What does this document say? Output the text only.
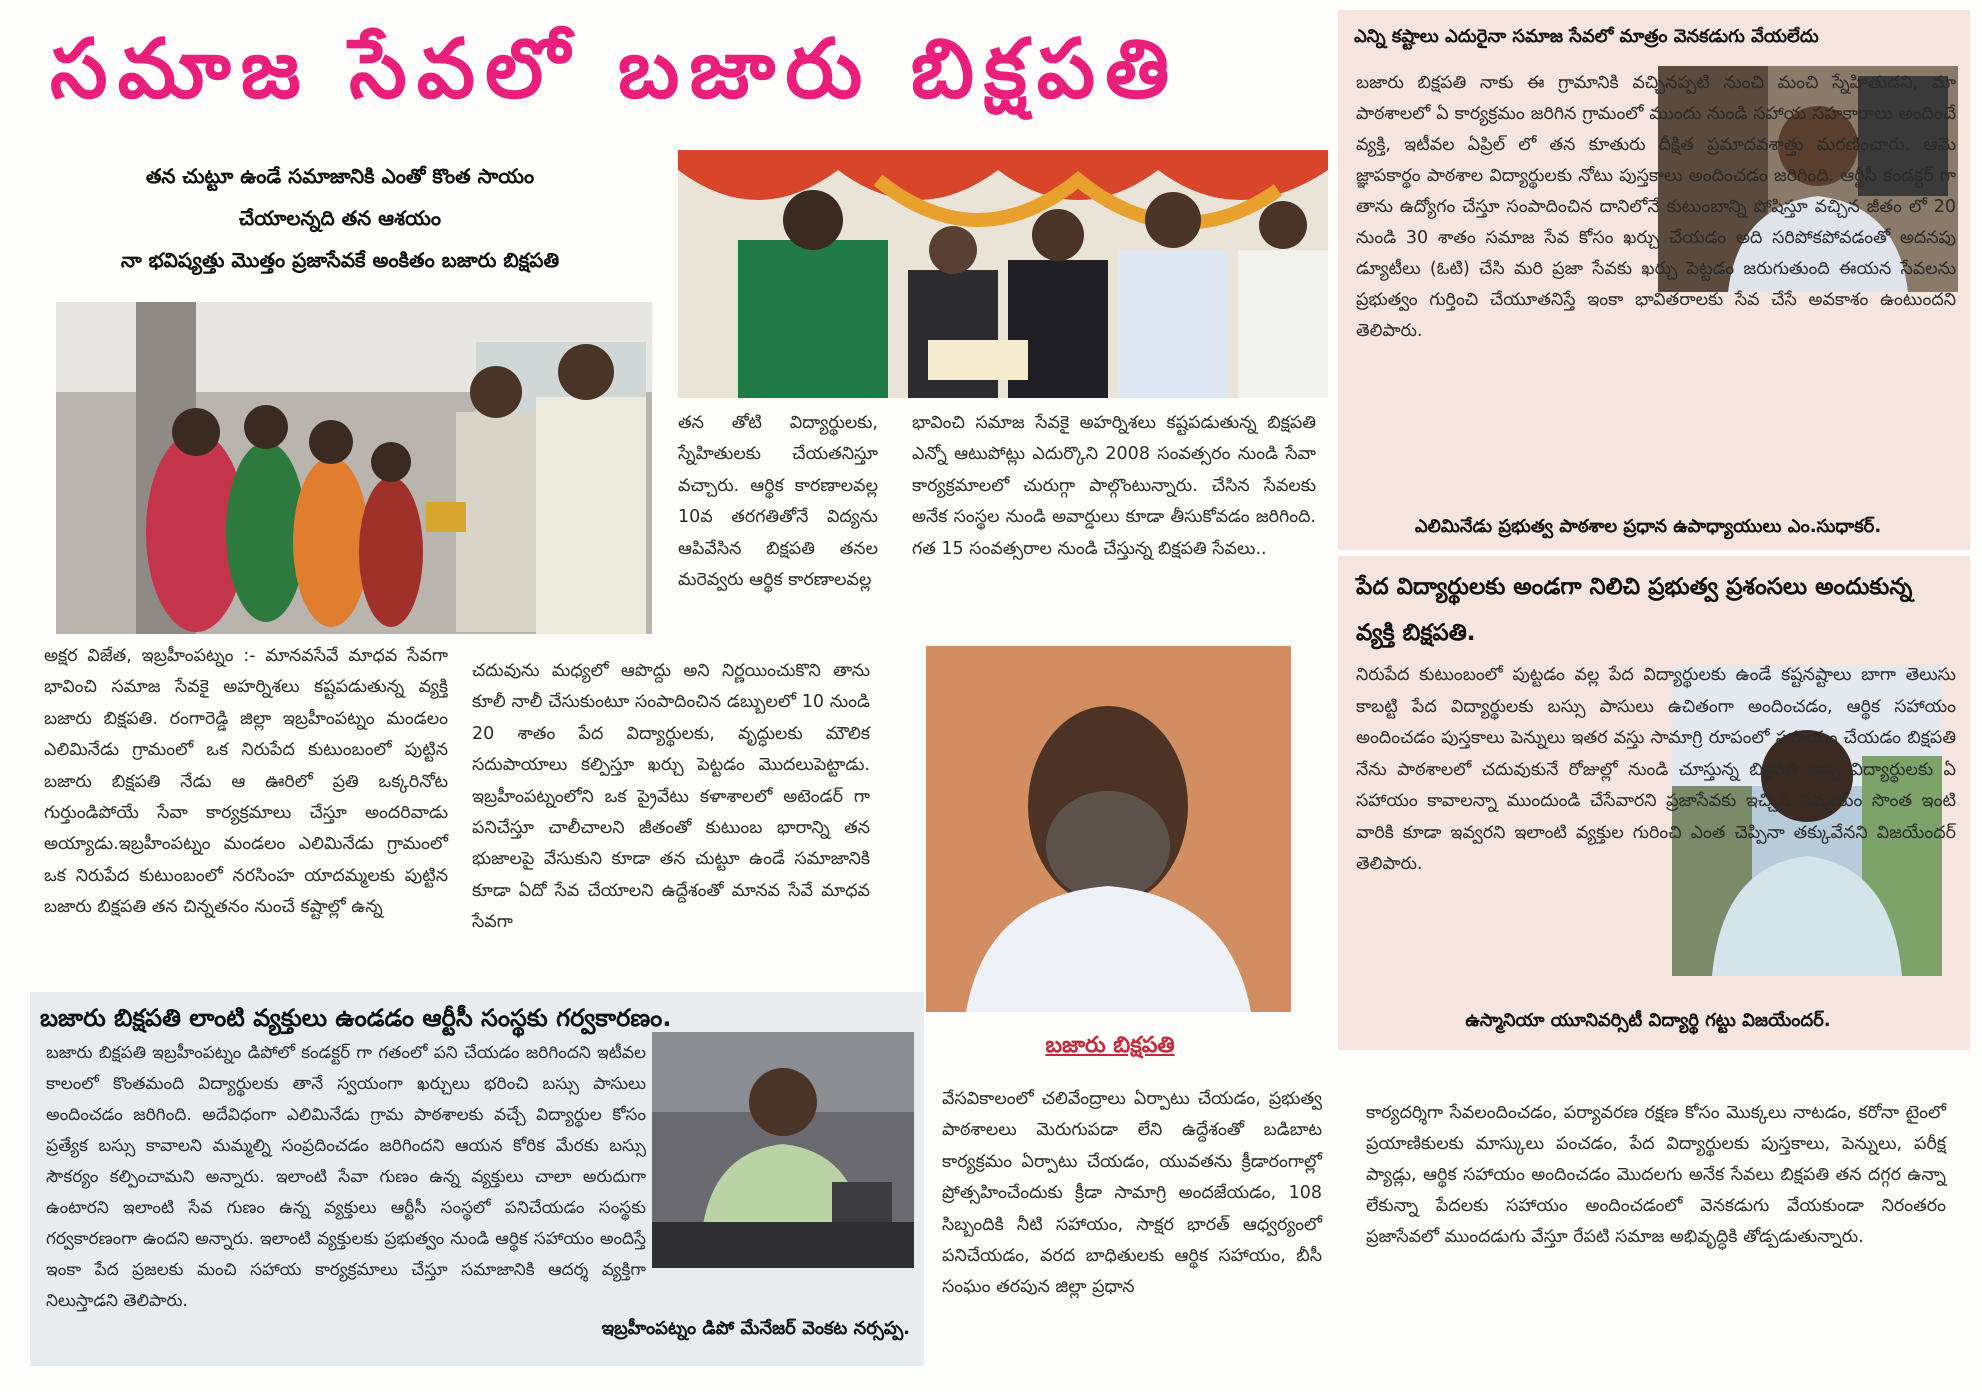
సమాజ సేవలో బజారు బిక్షపతి
తన చుట్టూ ఉండే సమాజానికి ఎంతో కొంత సాయం
చేయాలన్నది తన ఆశయం
నా భవిష్యత్తు మొత్తం ప్రజాసేవకే అంకితం బజారు బిక్షపతి
అక్షర విజేత, ఇబ్రహీంపట్నం :- మానవసేవే మాధవ సేవగా భావించి సమాజ సేవకై అహర్నిశలు కష్టపడుతున్న వ్యక్తి బజారు బిక్షపతి. రంగారెడ్డి జిల్లా ఇబ్రహీంపట్నం మండలం ఎలిమినేడు గ్రామంలో ఒక నిరుపేద కుటుంబంలో పుట్టిన బజారు బిక్షపతి నేడు ఆ ఊరిలో ప్రతి ఒక్కరినోట గుర్తుండిపోయే సేవా కార్యక్రమాలు చేస్తూ అందరివాడు అయ్యాడు.ఇబ్రహీంపట్నం మండలం ఎలిమినేడు గ్రామంలో ఒక నిరుపేద కుటుంబంలో నరసింహ యాదమ్మలకు పుట్టిన బజారు బిక్షపతి తన చిన్నతనం నుంచే కష్టాల్లో ఉన్న
తన తోటి విద్యార్థులకు, స్నేహితులకు చేయతనిస్తూ వచ్చారు. ఆర్థిక కారణాలవల్ల 10వ తరగతితోనే విద్యను ఆపివేసిన బిక్షపతి తనల మరెవ్వరు ఆర్థిక కారణాలవల్ల
చదువును మధ్యలో ఆపొద్దు అని నిర్ణయించుకొని తాను కూలీ నాలీ చేసుకుంటూ సంపాదించిన డబ్బులలో 10 నుండి 20 శాతం పేద విద్యార్థులకు, వృద్ధులకు మౌలిక సదుపాయాలు కల్పిస్తూ ఖర్చు పెట్టడం మొదలుపెట్టాడు. ఇబ్రహీంపట్నంలోని ఒక ప్రైవేటు కళాశాలలో అటెండర్ గా పనిచేస్తూ చాలీచాలని జీతంతో కుటుంబ భారాన్ని తన భుజాలపై వేసుకుని కూడా తన చుట్టూ ఉండే సమాజానికి కూడా ఏదో సేవ చేయాలని ఉద్దేశంతో మానవ సేవే మాధవ సేవగా
భావించి సమాజ సేవకై అహర్నిశలు కష్టపడుతున్న బిక్షపతి ఎన్నో ఆటుపోట్లు ఎదుర్కొని 2008 సంవత్సరం నుండి సేవా కార్యక్రమాలలో చురుగ్గా పాల్గొంటున్నారు. చేసిన సేవలకు అనేక సంస్థల నుండి అవార్డులు కూడా తీసుకోవడం జరిగింది. గత 15 సంవత్సరాల నుండి చేస్తున్న బిక్షపతి సేవలు..
బజారు బిక్షపతి
వేసవికాలంలో చలివేంద్రాలు ఏర్పాటు చేయడం, ప్రభుత్వ పాఠశాలలు మెరుగుపడా లేని ఉద్దేశంతో బడిబాట కార్యక్రమం ఏర్పాటు చేయడం, యువతను క్రీడారంగాల్లో ప్రోత్సహించేందుకు క్రీడా సామాగ్రి అందజేయడం, 108 సిబ్బందికి నీటి సహాయం, సాక్షర భారత్ ఆధ్వర్యంలో పనిచేయడం, వరద బాధితులకు ఆర్థిక సహాయం, బీసీ సంఘం తరపున జిల్లా ప్రధాన
బజారు బిక్షపతి లాంటి వ్యక్తులు ఉండడం ఆర్టీసీ సంస్థకు గర్వకారణం.
బజారు బిక్షపతి ఇబ్రహీంపట్నం డిపోలో కండక్టర్ గా గతంలో పని చేయడం జరిగిందని ఇటీవల కాలంలో కొంతమంది విద్యార్థులకు తానే స్వయంగా ఖర్చులు భరించి బస్సు పాసులు అందించడం జరిగింది. అదేవిధంగా ఎలిమినేడు గ్రామ పాఠశాలకు వచ్చే విద్యార్థుల కోసం ప్రత్యేక బస్సు కావాలని మమ్మల్ని సంప్రదించడం జరిగిందని ఆయన కోరిక మేరకు బస్సు సౌకర్యం కల్పించామని అన్నారు. ఇలాంటి సేవా గుణం ఉన్న వ్యక్తులు చాలా అరుదుగా ఉంటారని ఇలాంటి సేవ గుణం ఉన్న వ్యక్తులు ఆర్టీసీ సంస్థలో పనిచేయడం సంస్థకు గర్వకారణంగా ఉందని అన్నారు. ఇలాంటి వ్యక్తులకు ప్రభుత్వం నుండి ఆర్థిక సహాయం అందిస్తే ఇంకా పేద ప్రజలకు మంచి సహాయ కార్యక్రమాలు చేస్తూ సమాజానికి ఆదర్శ వ్యక్తిగా నిలుస్తాడని తెలిపారు.
ఇబ్రహీంపట్నం డిపో మేనేజర్ వెంకట నర్సప్ప.
ఎన్ని కష్టాలు ఎదురైనా సమాజ సేవలో మాత్రం వెనకడుగు వేయలేదు
బజారు బిక్షపతి నాకు ఈ గ్రామానికి వచ్చినప్పటి నుంచి మంచి స్నేహితుడని, మా పాఠశాలలో ఏ కార్యక్రమం జరిగిన గ్రామంలో ముందు నుండి సహాయ సహకారాలు అందించే వ్యక్తి, ఇటీవల ఏప్రిల్ లో తన కూతురు దీక్షిత ప్రమాదవశాత్తు మరణించారు. ఆమె జ్ఞాపకార్థం పాఠశాల విద్యార్థులకు నోటు పుస్తకాలు అందించడం జరిగింది. ఆర్టీసీ కండక్టర్ గా తాను ఉద్యోగం చేస్తూ సంపాదించిన దానిలోనే కుటుంబాన్ని పోషిస్తూ వచ్చిన జీతం లో 20 నుండి 30 శాతం సమాజ సేవ కోసం ఖర్చు చేయడం అది సరిపోకపోవడంతో అదనపు డ్యూటీలు (ఓటి) చేసి మరి ప్రజా సేవకు ఖర్చు పెట్టడం జరుగుతుంది ఈయన సేవలను ప్రభుత్వం గుర్తించి చేయూతనిస్తే ఇంకా భావితరాలకు సేవ చేసే అవకాశం ఉంటుందని తెలిపారు.
ఎలిమినేడు ప్రభుత్వ పాఠశాల ప్రధాన ఉపాధ్యాయులు ఎం.సుధాకర్.
పేద విద్యార్థులకు అండగా నిలిచి ప్రభుత్వ ప్రశంసలు అందుకున్న వ్యక్తి బిక్షపతి.
నిరుపేద కుటుంబంలో పుట్టడం వల్ల పేద విద్యార్థులకు ఉండే కష్టనష్టాలు బాగా తెలుసు కాబట్టి పేద విద్యార్థులకు బస్సు పాసులు ఉచితంగా అందించడం, ఆర్థిక సహాయం అందించడం పుస్తకాలు పెన్నులు ఇతర వస్తు సామాగ్రి రూపంలో సహాయం చేయడం బిక్షపతి నేను పాఠశాలలో చదువుకునే రోజుల్లో నుండి చూస్తున్న బిక్షపతి అన్న విద్యార్థులకు ఏ సహాయం కావాలన్నా ముందుండి చేసేవారని ప్రజాసేవకు ఇచ్చిన సమయం సొంత ఇంటి వారికి కూడా ఇవ్వరని ఇలాంటి వ్యక్తుల గురించి ఎంత చెప్పినా తక్కువేనని విజయేందర్ తెలిపారు.
ఉస్మానియా యూనివర్సిటీ విద్యార్థి గట్టు విజయేందర్.
కార్యదర్శిగా సేవలందించడం, పర్యావరణ రక్షణ కోసం మొక్కలు నాటడం, కరోనా టైంలో ప్రయాణికులకు మాస్కులు పంచడం, పేద విద్యార్థులకు పుస్తకాలు, పెన్నులు, పరీక్ష ప్యాడ్లు, ఆర్థిక సహాయం అందించడం మొదలగు అనేక సేవలు బిక్షపతి తన దగ్గర ఉన్నా లేకున్నా పేదలకు సహాయం అందించడంలో వెనకడుగు వేయకుండా నిరంతరం ప్రజాసేవలో ముందడుగు వేస్తూ రేపటి సమాజ అభివృద్ధికి తోడ్పడుతున్నారు.
